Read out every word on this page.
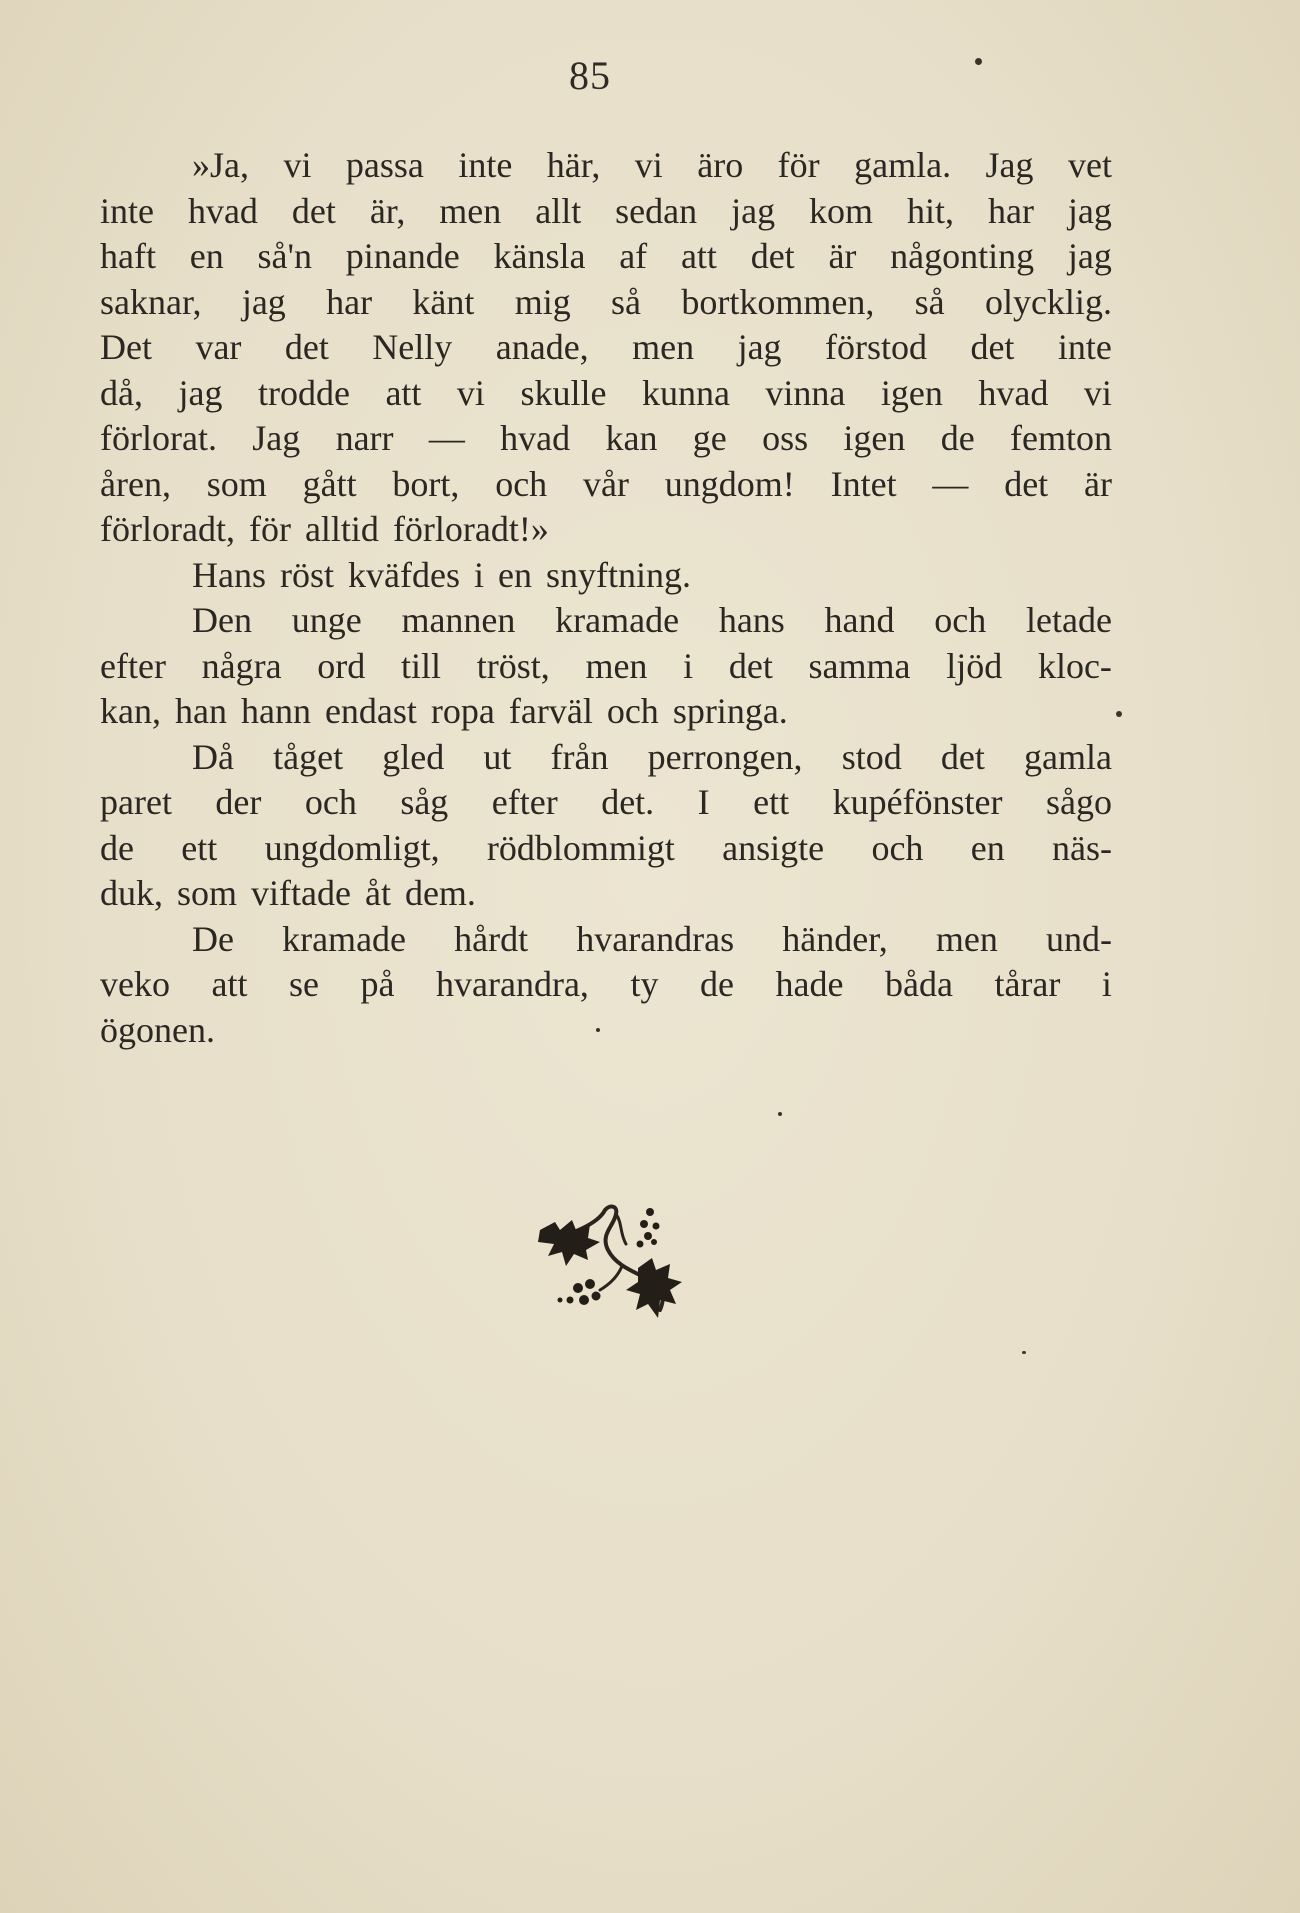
85
»Ja, vi passa inte här, vi äro för gamla. Jag vet
inte hvad det är, men allt sedan jag kom hit, har jag
haft en så'n pinande känsla af att det är någonting jag
saknar, jag har känt mig så bortkommen, så olycklig.
Det var det Nelly anade, men jag förstod det inte
då, jag trodde att vi skulle kunna vinna igen hvad vi
förlorat. Jag narr — hvad kan ge oss igen de femton
åren, som gått bort, och vår ungdom! Intet — det är
förloradt, för alltid förloradt!»
Hans röst kväfdes i en snyftning.
Den unge mannen kramade hans hand och letade
efter några ord till tröst, men i det samma ljöd kloc-
kan, han hann endast ropa farväl och springa.
Då tåget gled ut från perrongen, stod det gamla
paret der och såg efter det. I ett kupéfönster sågo
de ett ungdomligt, rödblommigt ansigte och en näs-
duk, som viftade åt dem.
De kramade hårdt hvarandras händer, men und-
veko att se på hvarandra, ty de hade båda tårar i
ögonen.
